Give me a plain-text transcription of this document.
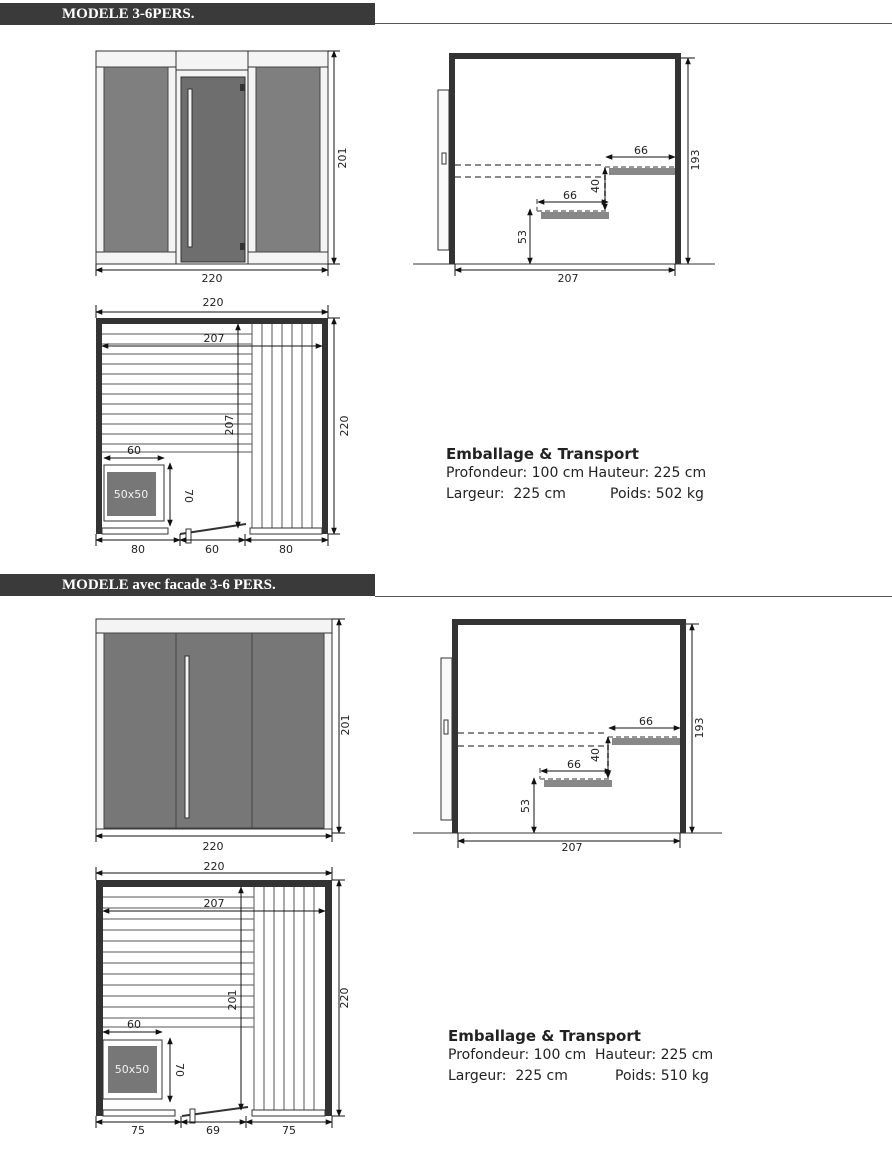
MODELE 3-6PERS.
220
201	66
66
40
53
193
207
220
207
207
50x50
60
70
220
80	60	80
Emballage & Transport
Profondeur: 100 cm Hauteur: 225 cm
Largeur:  225 cm	Poids: 502 kg
MODELE avec facade 3-6 PERS.
220
201	66
66
40
53
193
207
220
207
201
50x50
60
70
220
75	69	75
Emballage & Transport
Profondeur: 100 cm Hauteur: 225 cm
Largeur:  225 cm	Poids: 510 kg
